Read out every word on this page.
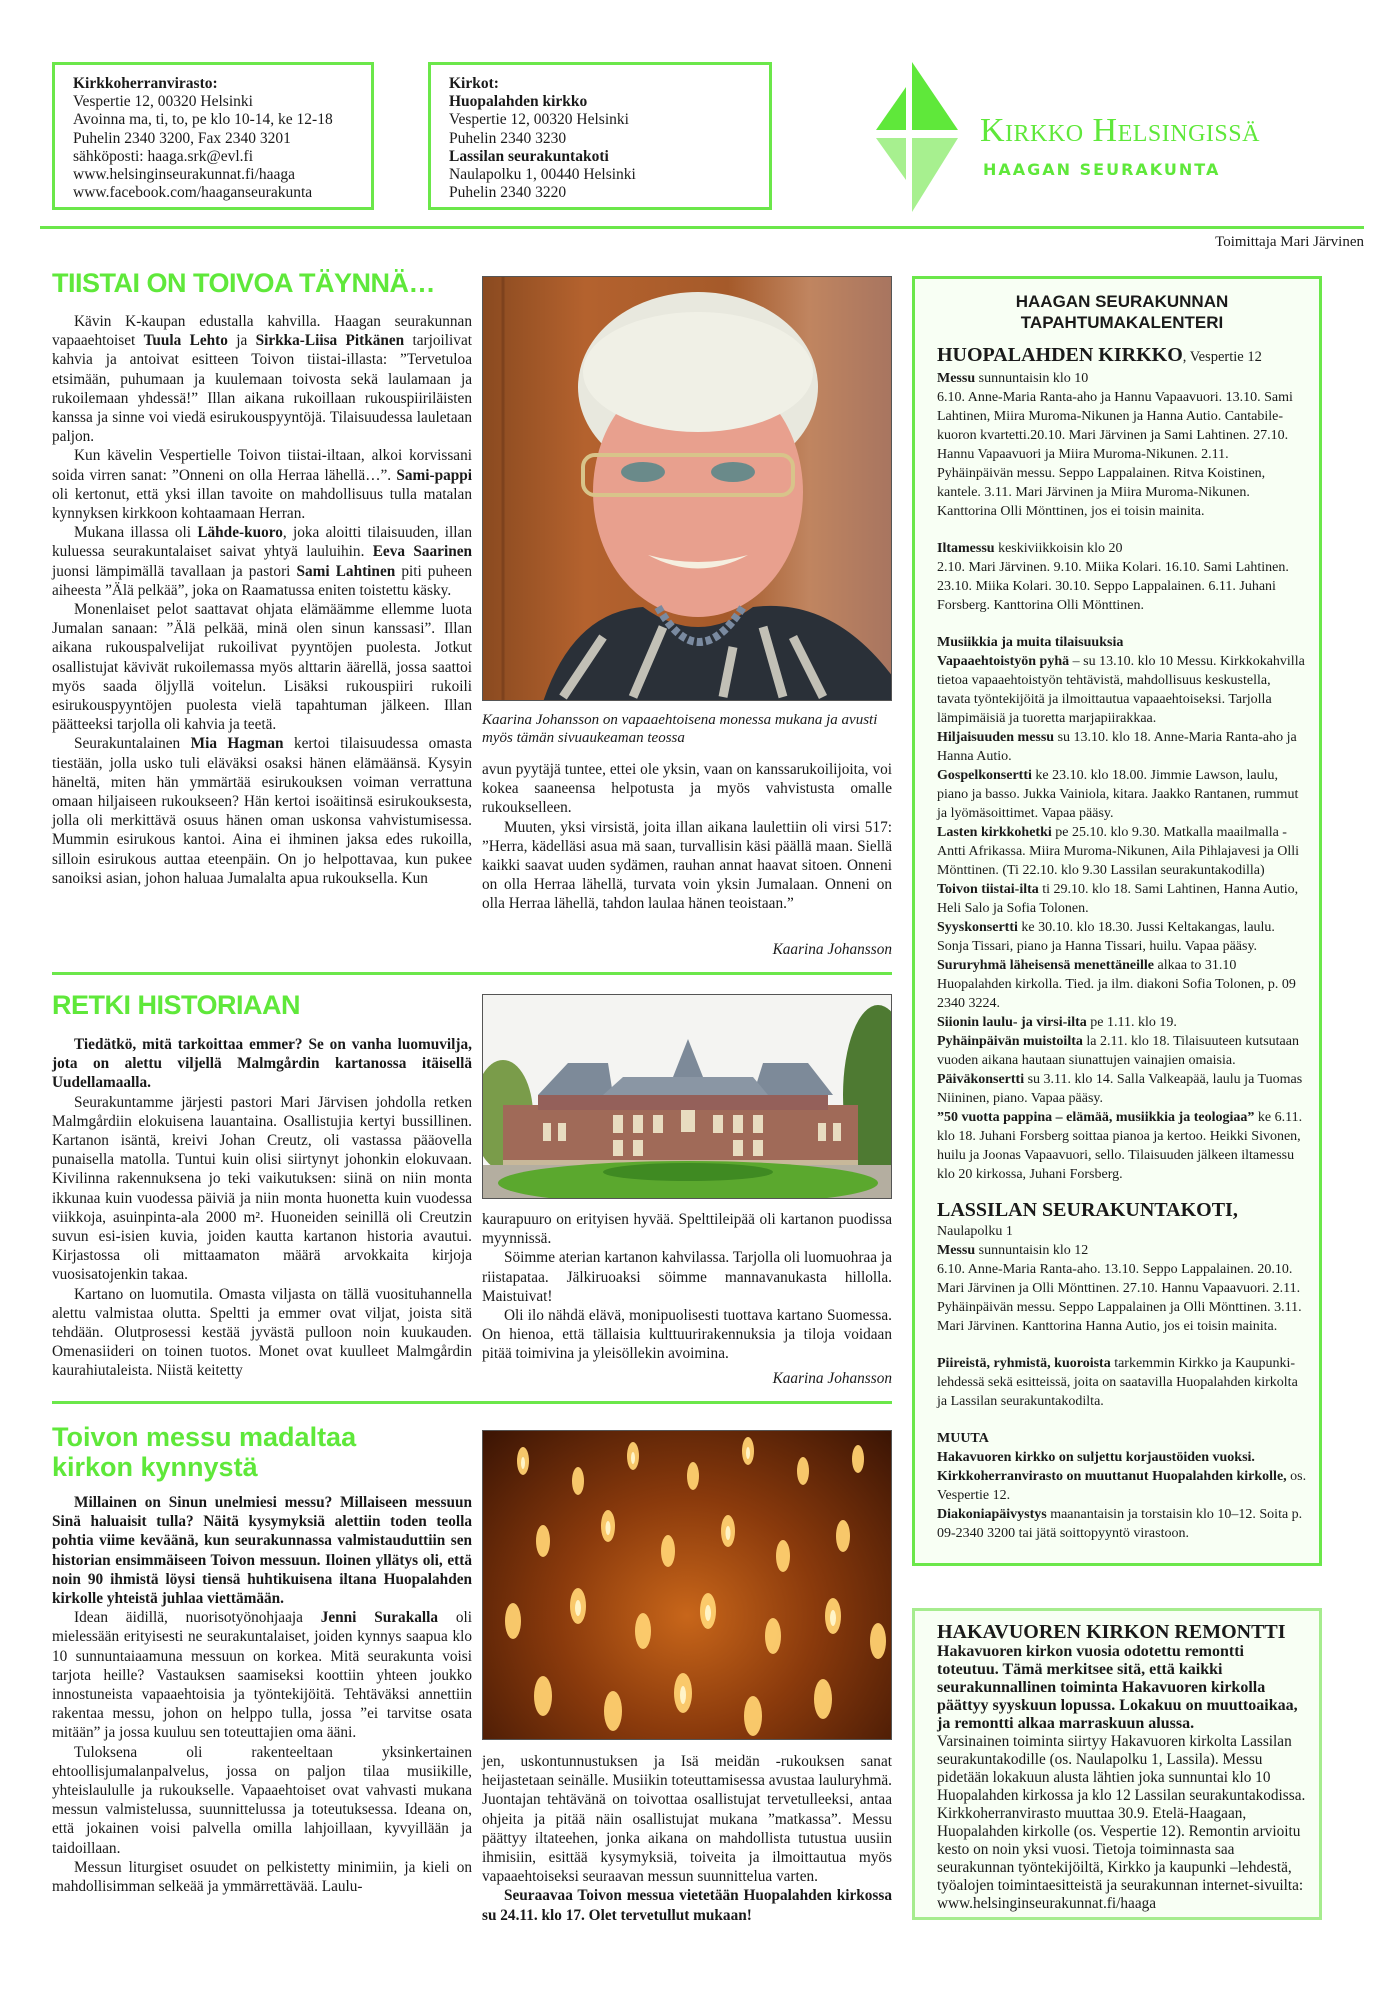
Kirkkoherranvirasto:
Vespertie 12, 00320 Helsinki
Avoinna ma, ti, to, pe klo 10-14, ke 12-18
Puhelin 2340 3200, Fax 2340 3201
sähköposti: haaga.srk@evl.fi
www.helsinginseurakunnat.fi/haaga
www.facebook.com/haaganseurakunta
Kirkot:
Huopalahden kirkko
Vespertie 12, 00320 Helsinki
Puhelin 2340 3230
Lassilan seurakuntakoti
Naulapolku 1, 00440 Helsinki
Puhelin 2340 3220
Kirkko Helsingissä
HAAGAN SEURAKUNTA
Toimittaja Mari Järvinen
TIISTAI ON TOIVOA TÄYNNÄ…

Kävin K-kaupan edustalla kahvilla. Haagan seurakunnan vapaaehtoiset Tuula Lehto ja Sirkka-Liisa Pitkänen tarjoilivat kahvia ja antoivat esitteen Toivon tiistai-illasta: ”Tervetuloa etsimään, puhumaan ja kuulemaan toivosta sekä laulamaan ja rukoilemaan yhdessä!” Illan aikana rukoillaan rukouspiiriläisten kanssa ja sinne voi viedä esirukouspyyntöjä. Tilaisuudessa lauletaan paljon.

Kun kävelin Vespertielle Toivon tiistai-iltaan, alkoi korvissani soida virren sanat: ”Onneni on olla Herraa lähellä…”. Sami-pappi oli kertonut, että yksi illan tavoite on mahdollisuus tulla matalan kynnyksen kirkkoon kohtaamaan Herran.

Mukana illassa oli Lähde-kuoro, joka aloitti tilaisuuden, illan kuluessa seurakuntalaiset saivat yhtyä lauluihin. Eeva Saarinen juonsi lämpimällä tavallaan ja pastori Sami Lahtinen piti puheen aiheesta ”Älä pelkää”, joka on Raamatussa eniten toistettu käsky.

Monenlaiset pelot saattavat ohjata elämäämme ellemme luota Jumalan sanaan: ”Älä pelkää, minä olen sinun kanssasi”. Illan aikana rukouspalvelijat rukoilivat pyyntöjen puolesta. Jotkut osallistujat kävivät rukoilemassa myös alttarin äärellä, jossa saattoi myös saada öljyllä voitelun. Lisäksi rukouspiiri rukoili esirukouspyyntöjen puolesta vielä tapahtuman jälkeen. Illan päätteeksi tarjolla oli kahvia ja teetä.

Seurakuntalainen Mia Hagman kertoi tilaisuudessa omasta tiestään, jolla usko tuli eläväksi osaksi hänen elämäänsä. Kysyin häneltä, miten hän ymmärtää esirukouksen voiman verrattuna omaan hiljaiseen rukoukseen? Hän kertoi isoäitinsä esirukouksesta, jolla oli merkittävä osuus hänen oman uskonsa vahvistumisessa. Mummin esirukous kantoi. Aina ei ihminen jaksa edes rukoilla, silloin esirukous auttaa eteenpäin. On jo helpottavaa, kun pukee sanoiksi asian, johon haluaa Jumalalta apua rukouksella. Kun

Kaarina Johansson on vapaaehtoisena monessa mukana ja avusti myös tämän sivuaukeaman teossa

avun pyytäjä tuntee, ettei ole yksin, vaan on kanssarukoilijoita, voi kokea saaneensa helpotusta ja myös vahvistusta omalle rukoukselleen.

Muuten, yksi virsistä, joita illan aikana laulettiin oli virsi 517: ”Herra, kädelläsi asua mä saan, turvallisin käsi päällä maan. Siellä kaikki saavat uuden sydämen, rauhan annat haavat sitoen. Onneni on olla Herraa lähellä, turvata voin yksin Jumalaan. Onneni on olla Herraa lähellä, tahdon laulaa hänen teoistaan.”

Kaarina Johansson
RETKI HISTORIAAN

Tiedätkö, mitä tarkoittaa emmer? Se on vanha luomuvilja, jota on alettu viljellä Malmgårdin kartanossa itäisellä Uudellamaalla.

Seurakuntamme järjesti pastori Mari Järvisen johdolla retken Malmgårdiin elokuisena lauantaina. Osallistujia kertyi bussillinen. Kartanon isäntä, kreivi Johan Creutz, oli vastassa pääovella punaisella matolla. Tuntui kuin olisi siirtynyt johonkin elokuvaan. Kivilinna rakennuksena jo teki vaikutuksen: siinä on niin monta ikkunaa kuin vuodessa päiviä ja niin monta huonetta kuin vuodessa viikkoja, asuinpinta-ala 2000 m². Huoneiden seinillä oli Creutzin suvun esi-isien kuvia, joiden kautta kartanon historia avautui. Kirjastossa oli mittaamaton määrä arvokkaita kirjoja vuosisatojenkin takaa.

Kartano on luomutila. Omasta viljasta on tällä vuosituhannella alettu valmistaa olutta. Speltti ja emmer ovat viljat, joista sitä tehdään. Olutprosessi kestää jyvästä pulloon noin kuukauden. Omenasiideri on toinen tuotos. Monet ovat kuulleet Malmgårdin kaurahiutaleista. Niistä keitetty

kaurapuuro on erityisen hyvää. Spelttileipää oli kartanon puodissa myynnissä.

Söimme aterian kartanon kahvilassa. Tarjolla oli luomuohraa ja riistapataa. Jälkiruoaksi söimme mannavanukasta hillolla. Maistuivat!

Oli ilo nähdä elävä, monipuolisesti tuottava kartano Suomessa. On hienoa, että tällaisia kulttuurirakennuksia ja tiloja voidaan pitää toimivina ja yleisöllekin avoimina.

Kaarina Johansson
Toivon messu madaltaa
kirkon kynnystä

Millainen on Sinun unelmiesi messu? Millaiseen messuun Sinä haluaisit tulla? Näitä kysymyksiä alettiin toden teolla pohtia viime keväänä, kun seurakunnassa valmistauduttiin sen historian ensimmäiseen Toivon messuun. Iloinen yllätys oli, että noin 90 ihmistä löysi tiensä huhtikuisena iltana Huopalahden kirkolle yhteistä juhlaa viettämään.

Idean äidillä, nuorisotyönohjaaja Jenni Surakalla oli mielessään erityisesti ne seurakuntalaiset, joiden kynnys saapua klo 10 sunnuntaiaamuna messuun on korkea. Mitä seurakunta voisi tarjota heille? Vastauksen saamiseksi koottiin yhteen joukko innostuneista vapaaehtoisia ja työntekijöitä. Tehtäväksi annettiin rakentaa messu, johon on helppo tulla, jossa ”ei tarvitse osata mitään” ja jossa kuuluu sen toteuttajien oma ääni.

Tuloksena oli rakenteeltaan yksinkertainen ehtoollisjumalanpalvelus, jossa on paljon tilaa musiikille, yhteislaululle ja rukoukselle. Vapaaehtoiset ovat vahvasti mukana messun valmistelussa, suunnittelussa ja toteutuksessa. Ideana on, että jokainen voisi palvella omilla lahjoillaan, kyvyillään ja taidoillaan.

Messun liturgiset osuudet on pelkistetty minimiin, ja kieli on mahdollisimman selkeää ja ymmärrettävää. Laulu-

jen, uskontunnustuksen ja Isä meidän -rukouksen sanat heijastetaan seinälle. Musiikin toteuttamisessa avustaa lauluryhmä. Juontajan tehtävänä on toivottaa osallistujat tervetulleeksi, antaa ohjeita ja pitää näin osallistujat mukana ”matkassa”. Messu päättyy iltateehen, jonka aikana on mahdollista tutustua uusiin ihmisiin, esittää kysymyksiä, toiveita ja ilmoittautua myös vapaaehtoiseksi seuraavan messun suunnittelua varten.

Seuraavaa Toivon messua vietetään Huopalahden kirkossa su 24.11. klo 17. Olet tervetullut mukaan!

HAAGAN SEURAKUNNAN
TAPAHTUMAKALENTERI
HUOPALAHDEN KIRKKO, Vespertie 12
Messu sunnuntaisin klo 10
6.10. Anne-Maria Ranta-aho ja Hannu Vapaavuori. 13.10. Sami Lahtinen, Miira Muroma-Nikunen ja Hanna Autio. Cantabile-kuoron kvartetti.20.10. Mari Järvinen ja Sami Lahtinen. 27.10. Hannu Vapaavuori ja Miira Muroma-Nikunen. 2.11. Pyhäinpäivän messu. Seppo Lappalainen. Ritva Koistinen, kantele. 3.11. Mari Järvinen ja Miira Muroma-Nikunen. Kanttorina Olli Mönttinen, jos ei toisin mainita.
Iltamessu keskiviikkoisin klo 20
2.10. Mari Järvinen. 9.10. Miika Kolari. 16.10. Sami Lahtinen. 23.10. Miika Kolari. 30.10. Seppo Lappalainen. 6.11. Juhani Forsberg. Kanttorina Olli Mönttinen.
Musiikkia ja muita tilaisuuksia
Vapaaehtoistyön pyhä – su 13.10. klo 10 Messu. Kirkkokahvilla tietoa vapaaehtoistyön tehtävistä, mahdollisuus keskustella, tavata työntekijöitä ja ilmoittautua vapaaehtoiseksi. Tarjolla lämpimäisiä ja tuoretta marjapiirakkaa.
Hiljaisuuden messu su 13.10. klo 18. Anne-Maria Ranta-aho ja Hanna Autio.
Gospelkonsertti ke 23.10. klo 18.00. Jimmie Lawson, laulu, piano ja basso. Jukka Vainiola, kitara. Jaakko Rantanen, rummut ja lyömäsoittimet. Vapaa pääsy.
Lasten kirkkohetki pe 25.10. klo 9.30. Matkalla maailmalla - Antti Afrikassa. Miira Muroma-Nikunen, Aila Pihlajavesi ja Olli Mönttinen. (Ti 22.10. klo 9.30 Lassilan seurakuntakodilla)
Toivon tiistai-ilta ti 29.10. klo 18. Sami Lahtinen, Hanna Autio, Heli Salo ja Sofia Tolonen.
Syyskonsertti ke 30.10. klo 18.30. Jussi Keltakangas, laulu. Sonja Tissari, piano ja Hanna Tissari, huilu. Vapaa pääsy.
Sururyhmä läheisensä menettäneille alkaa to 31.10 Huopalahden kirkolla. Tied. ja ilm. diakoni Sofia Tolonen, p. 09 2340 3224.
Siionin laulu- ja virsi-ilta pe 1.11. klo 19.
Pyhäinpäivän muistoilta la 2.11. klo 18. Tilaisuuteen kutsutaan vuoden aikana hautaan siunattujen vainajien omaisia.
Päiväkonsertti su 3.11. klo 14. Salla Valkeapää, laulu ja Tuomas Niininen, piano. Vapaa pääsy.
”50 vuotta pappina – elämää, musiikkia ja teologiaa” ke 6.11. klo 18. Juhani Forsberg soittaa pianoa ja kertoo. Heikki Sivonen, huilu ja Joonas Vapaavuori, sello. Tilaisuuden jälkeen iltamessu klo 20 kirkossa, Juhani Forsberg.
LASSILAN SEURAKUNTAKOTI,
Naulapolku 1
Messu sunnuntaisin klo 12
6.10. Anne-Maria Ranta-aho. 13.10. Seppo Lappalainen. 20.10. Mari Järvinen ja Olli Mönttinen. 27.10. Hannu Vapaavuori. 2.11. Pyhäinpäivän messu. Seppo Lappalainen ja Olli Mönttinen. 3.11. Mari Järvinen. Kanttorina Hanna Autio, jos ei toisin mainita.
Piireistä, ryhmistä, kuoroista tarkemmin Kirkko ja Kaupunki-lehdessä sekä esitteissä, joita on saatavilla Huopalahden kirkolta ja Lassilan seurakuntakodilta.
MUUTA
Hakavuoren kirkko on suljettu korjaustöiden vuoksi.
Kirkkoherranvirasto on muuttanut Huopalahden kirkolle, os. Vespertie 12.
Diakoniapäivystys maanantaisin ja torstaisin klo 10–12. Soita p. 09-2340 3200 tai jätä soittopyyntö virastoon.
HAKAVUOREN KIRKON REMONTTI
Hakavuoren kirkon vuosia odotettu remontti toteutuu. Tämä merkitsee sitä, että kaikki seurakunnallinen toiminta Hakavuoren kirkolla päättyy syyskuun lopussa. Lokakuu on muuttoaikaa, ja remontti alkaa marraskuun alussa.
Varsinainen toiminta siirtyy Hakavuoren kirkolta Lassilan seurakuntakodille (os. Naulapolku 1, Lassila). Messu pidetään lokakuun alusta lähtien joka sunnuntai klo 10 Huopalahden kirkossa ja klo 12 Lassilan seurakuntakodissa. Kirkkoherranvirasto muuttaa 30.9. Etelä-Haagaan, Huopalahden kirkolle (os. Vespertie 12). Remontin arvioitu kesto on noin yksi vuosi. Tietoja toiminnasta saa seurakunnan työntekijöiltä, Kirkko ja kaupunki –lehdestä, työalojen toimintaesitteistä ja seurakunnan internet-sivuilta:
www.helsinginseurakunnat.fi/haaga
